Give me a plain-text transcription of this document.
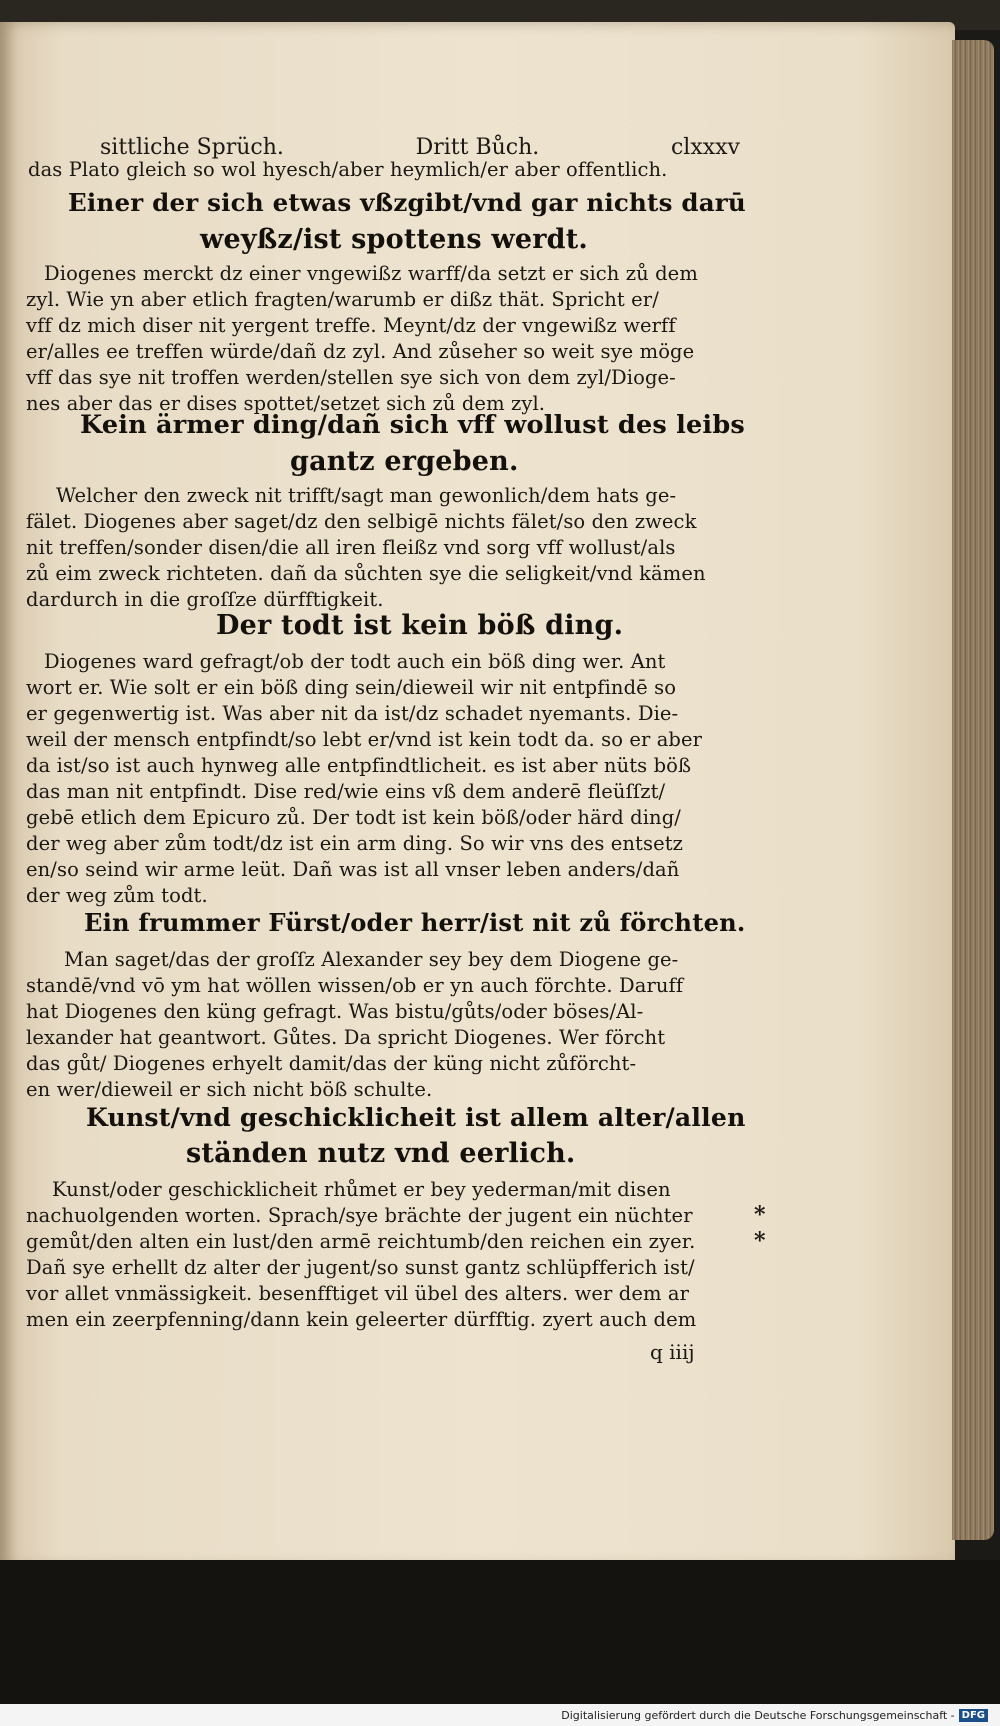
sittliche Sprüch.	Dritt Bůch.	clxxxv
das Plato gleich so wol hyesch/aber heymlich/er aber offentlich.
Einer der sich etwas vßzgibt/vnd gar nichts darū
weyßz/ist spottens werdt.
Diogenes merckt dz einer vngewißz warff/da setzt er sich zů dem
zyl. Wie yn aber etlich fragten/warumb er dißz thät. Spricht er/
vff dz mich diser nit yergent treffe. Meynt/dz der vngewißz werff
er/alles ee treffen würde/dañ dz zyl. And zůseher so weit sye möge
vff das sye nit troffen werden/stellen sye sich von dem zyl/Dioge-
nes aber das er dises spottet/setzet sich zů dem zyl.
Kein ärmer ding/dañ sich vff wollust des leibs
gantz ergeben.
Welcher den zweck nit trifft/sagt man gewonlich/dem hats ge-
fälet. Diogenes aber saget/dz den selbigē nichts fälet/so den zweck
nit treffen/sonder disen/die all iren fleißz vnd sorg vff wollust/als
zů eim zweck richteten. dañ da sůchten sye die seligkeit/vnd kämen
dardurch in die groſſze dürfftigkeit.
Der todt ist kein böß ding.
Diogenes ward gefragt/ob der todt auch ein böß ding wer. Ant
wort er. Wie solt er ein böß ding sein/dieweil wir nit entpfindē so
er gegenwertig ist. Was aber nit da ist/dz schadet nyemants. Die-
weil der mensch entpfindt/so lebt er/vnd ist kein todt da. so er aber
da ist/so ist auch hynweg alle entpfindtlicheit. es ist aber nüts böß
das man nit entpfindt. Dise red/wie eins vß dem anderē fleüſſzt/
gebē etlich dem Epicuro zů. Der todt ist kein böß/oder härd ding/
der weg aber zům todt/dz ist ein arm ding. So wir vns des entsetz
en/so seind wir arme leüt. Dañ was ist all vnser leben anders/dañ
der weg zům todt.
Ein frummer Fürst/oder herr/ist nit zů förchten.
Man saget/das der groſſz Alexander sey bey dem Diogene ge-
standē/vnd vō ym hat wöllen wissen/ob er yn auch förchte. Daruff
hat Diogenes den küng gefragt. Was bistu/gůts/oder böses/Al-
lexander hat geantwort. Gůtes. Da spricht Diogenes. Wer förcht
das gůt/ Diogenes erhyelt damit/das der küng nicht zůförcht-
en wer/dieweil er sich nicht böß schulte.
Kunst/vnd geschicklicheit ist allem alter/allen
ständen nutz vnd eerlich.
Kunst/oder geschicklicheit rhůmet er bey yederman/mit disen
nachuolgenden worten. Sprach/sye brächte der jugent ein nüchter
gemůt/den alten ein lust/den armē reichtumb/den reichen ein zyer.
Dañ sye erhellt dz alter der jugent/so sunst gantz schlüpfferich ist/
vor allet vnmässigkeit. besenfftiget vil übel des alters. wer dem ar
men ein zeerpfenning/dann kein geleerter dürfftig. zyert auch dem
*
*
q iiij
Digitalisierung gefördert durch die Deutsche Forschungsgemeinschaft - DFG
